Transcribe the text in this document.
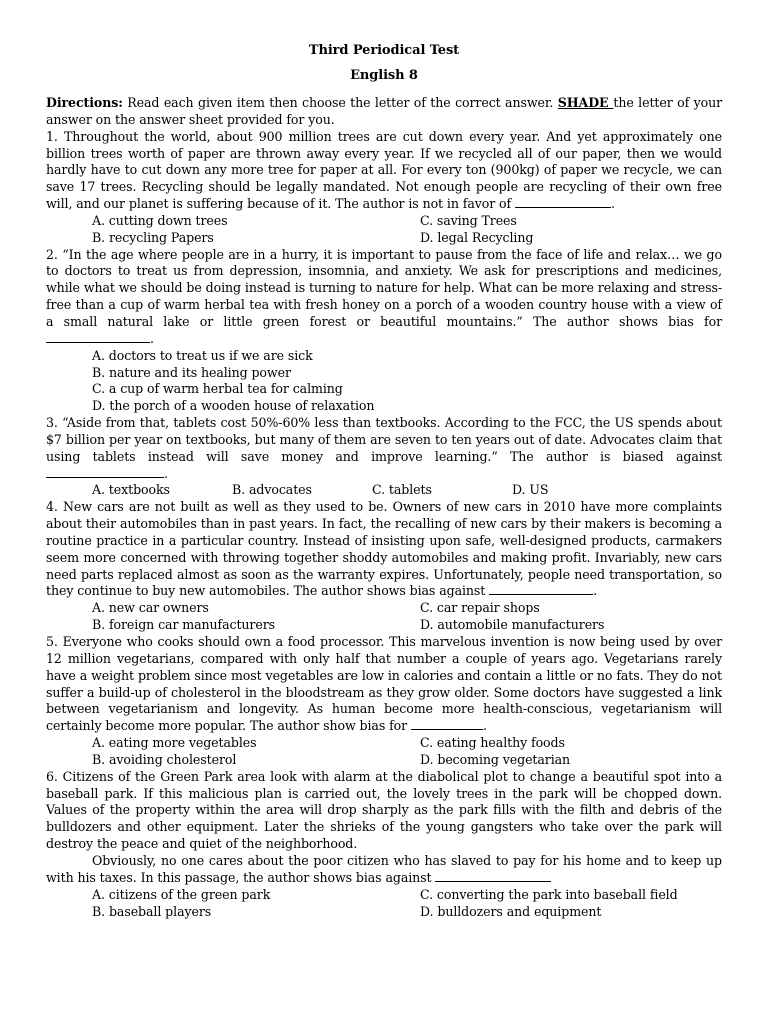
Third Periodical Test
English 8
Directions: Read each given item then choose the letter of the correct answer. SHADE the letter of your answer on the answer sheet provided for you.
1. Throughout the world, about 900 million trees are cut down every year. And yet approximately one billion trees worth of paper are thrown away every year. If we recycled all of our paper, then we would hardly have to cut down any more tree for paper at all. For every ton (900kg) of paper we recycle, we can save 17 trees. Recycling should be legally mandated. Not enough people are recycling of their own free will, and our planet is suffering because of it. The author is not in favor of	.
A. cutting down trees	C. saving Trees
B. recycling Papers	D. legal Recycling
2. “In the age where people are in a hurry, it is important to pause from the face of life and relax… we go to doctors to treat us from depression, insomnia, and anxiety. We ask for prescriptions and medicines, while what we should be doing instead is turning to nature for help. What can be more relaxing and stress-free than a cup of warm herbal tea with fresh honey on a porch of a wooden country house with a view of a small natural lake or little green forest or beautiful mountains.” The author shows bias for.
A. doctors to treat us if we are sick
B. nature and its healing power
C. a cup of warm herbal tea for calming
D. the porch of a wooden house of relaxation
3. “Aside from that, tablets cost 50%-60% less than textbooks. According to the FCC, the US spends about $7 billion per year on textbooks, but many of them are seven to ten years out of date. Advocates claim that using tablets instead will save money and improve learning.” The author is biased against .
A. textbooks	B. advocates	C. tablets	D. US
4. New cars are not built as well as they used to be. Owners of new cars in 2010 have more complaints about their automobiles than in past years. In fact, the recalling of new cars by their makers is becoming a routine practice in a particular country. Instead of insisting upon safe, well-designed products, carmakers seem more concerned with throwing together shoddy automobiles and making profit. Invariably, new cars need parts replaced almost as soon as the warranty expires. Unfortunately, people need transportation, so they continue to buy new automobiles. The author shows bias against	.
A. new car owners	C. car repair shops
B. foreign car manufacturers	D. automobile manufacturers
5. Everyone who cooks should own a food processor. This marvelous invention is now being used by over 12 million vegetarians, compared with only half that number a couple of years ago. Vegetarians rarely have a weight problem since most vegetables are low in calories and contain a little or no fats. They do not suffer a build-up of cholesterol in the bloodstream as they grow older. Some doctors have suggested a link between vegetarianism and longevity. As human become more health-conscious, vegetarianism will certainly become more popular. The author show bias for	.
A. eating more vegetables	C. eating healthy foods
B. avoiding cholesterol	D. becoming vegetarian
6. Citizens of the Green Park area look with alarm at the diabolical plot to change a beautiful spot into a baseball park. If this malicious plan is carried out, the lovely trees in the park will be chopped down. Values of the property within the area will drop sharply as the park fills with the filth and debris of the bulldozers and other equipment. Later the shrieks of the young gangsters who take over the park will destroy the peace and quiet of the neighborhood.
Obviously, no one cares about the poor citizen who has slaved to pay for his home and to keep up with his taxes. In this passage, the author shows bias against
A. citizens of the green park	C. converting the park into baseball field
B. baseball players	D. bulldozers and equipment
